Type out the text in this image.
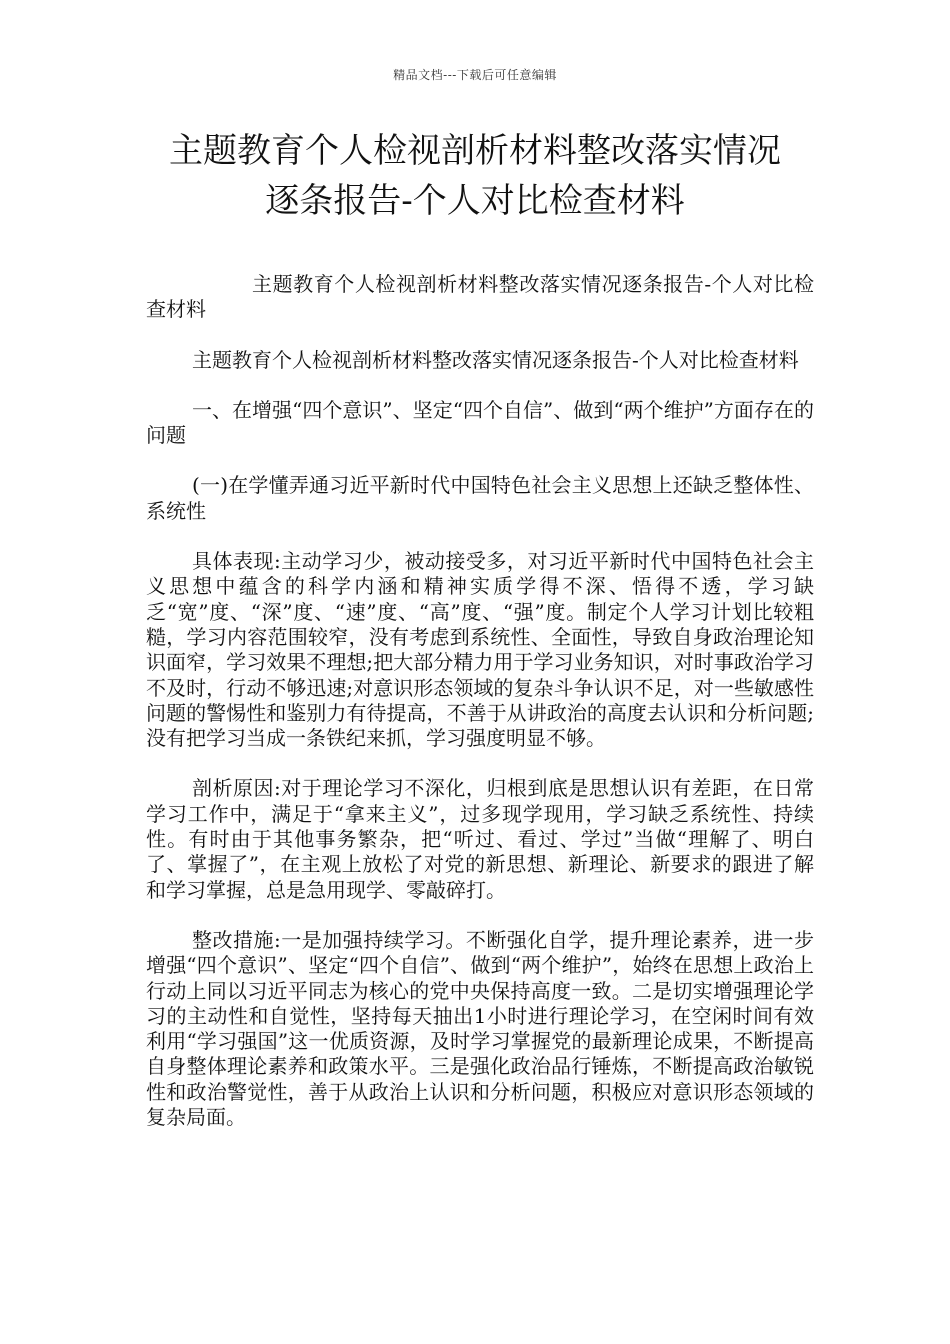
精品文档---下载后可任意编辑
主题教育个人检视剖析材料整改落实情况
逐条报告-个人对比检查材料

主题教育个人检视剖析材料整改落实情况逐条报告-个人对比检查材料

主题教育个人检视剖析材料整改落实情况逐条报告-个人对比检查材料

一、在增强“四个意识”、坚定“四个自信”、做到“两个维护”方面存在的问题

(一)在学懂弄通习近平新时代中国特色社会主义思想上还缺乏整体性、系统性

具体表现:主动学习少，被动接受多，对习近平新时代中国特色社会主义思想中蕴含的科学内涵和精神实质学得不深、悟得不透，学习缺乏“宽”度、“深”度、“速”度、“高”度、“强”度。制定个人学习计划比较粗糙，学习内容范围较窄，没有考虑到系统性、全面性，导致自身政治理论知识面窄，学习效果不理想;把大部分精力用于学习业务知识，对时事政治学习不及时，行动不够迅速;对意识形态领域的复杂斗争认识不足，对一些敏感性问题的警惕性和鉴别力有待提高，不善于从讲政治的高度去认识和分析问题;没有把学习当成一条铁纪来抓，学习强度明显不够。

剖析原因:对于理论学习不深化，归根到底是思想认识有差距，在日常学习工作中，满足于“拿来主义”，过多现学现用，学习缺乏系统性、持续性。有时由于其他事务繁杂，把“听过、看过、学过”当做“理解了、明白了、掌握了”，在主观上放松了对党的新思想、新理论、新要求的跟进了解和学习掌握，总是急用现学、零敲碎打。

整改措施:一是加强持续学习。不断强化自学，提升理论素养，进一步增强“四个意识”、坚定“四个自信”、做到“两个维护”，始终在思想上政治上行动上同以习近平同志为核心的党中央保持高度一致。二是切实增强理论学习的主动性和自觉性，坚持每天抽出1小时进行理论学习，在空闲时间有效利用“学习强国”这一优质资源，及时学习掌握党的最新理论成果，不断提高自身整体理论素养和政策水平。三是强化政治品行锤炼，不断提高政治敏锐性和政治警觉性，善于从政治上认识和分析问题，积极应对意识形态领域的复杂局面。
